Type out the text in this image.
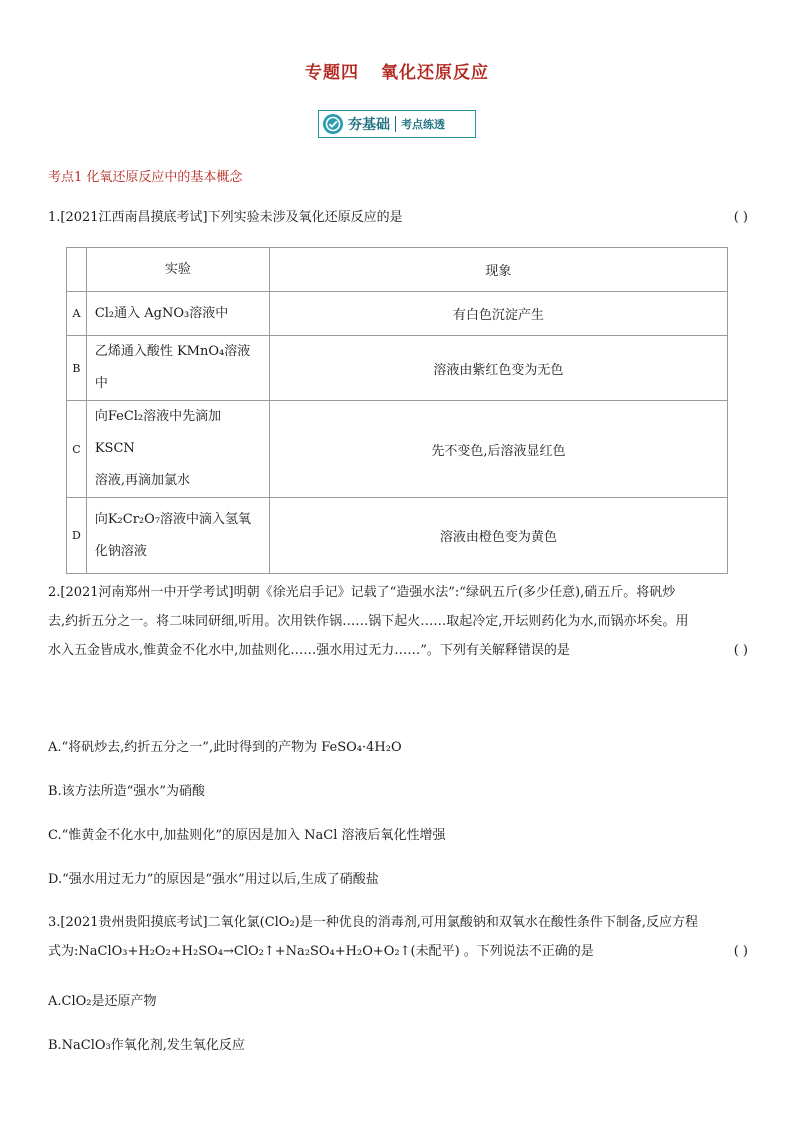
专题四 氧化还原反应
夯基础 考点练透
考点1 化氧还原反应中的基本概念
1.[2021江西南昌摸底考试]下列实验未涉及氧化还原反应的是	( )
	实验	现象
A	Cl₂通入 AgNO₃溶液中	有白色沉淀产生
B	乙烯通入酸性 KMnO₄溶液中	溶液由紫红色变为无色
C	向FeCl₂溶液中先滴加 KSCN
溶液,再滴加氯水	先不变色,后溶液显红色
D	向K₂Cr₂O₇溶液中滴入氢氧
化钠溶液	溶液由橙色变为黄色
2.[2021河南郑州一中开学考试]明朝《徐光启手记》记载了“造强水法”:“绿矾五斤(多少任意),硝五斤。将矾炒
去,约折五分之一。将二味同研细,听用。次用铁作锅……锅下起火……取起冷定,开坛则药化为水,而锅亦坏矣。用
水入五金皆成水,惟黄金不化水中,加盐则化……强水用过无力……”。下列有关解释错误的是	( )
A.“将矾炒去,约折五分之一”,此时得到的产物为 FeSO₄·4H₂O
B.该方法所造“强水”为硝酸
C.“惟黄金不化水中,加盐则化”的原因是加入 NaCl 溶液后氧化性增强
D.“强水用过无力”的原因是“强水”用过以后,生成了硝酸盐
3.[2021贵州贵阳摸底考试]二氧化氯(ClO₂)是一种优良的消毒剂,可用氯酸钠和双氧水在酸性条件下制备,反应方程
式为:NaClO₃+H₂O₂+H₂SO₄→ClO₂↑+Na₂SO₄+H₂O+O₂↑(未配平) 。下列说法不正确的是	( )
A.ClO₂是还原产物
B.NaClO₃作氧化剂,发生氧化反应
